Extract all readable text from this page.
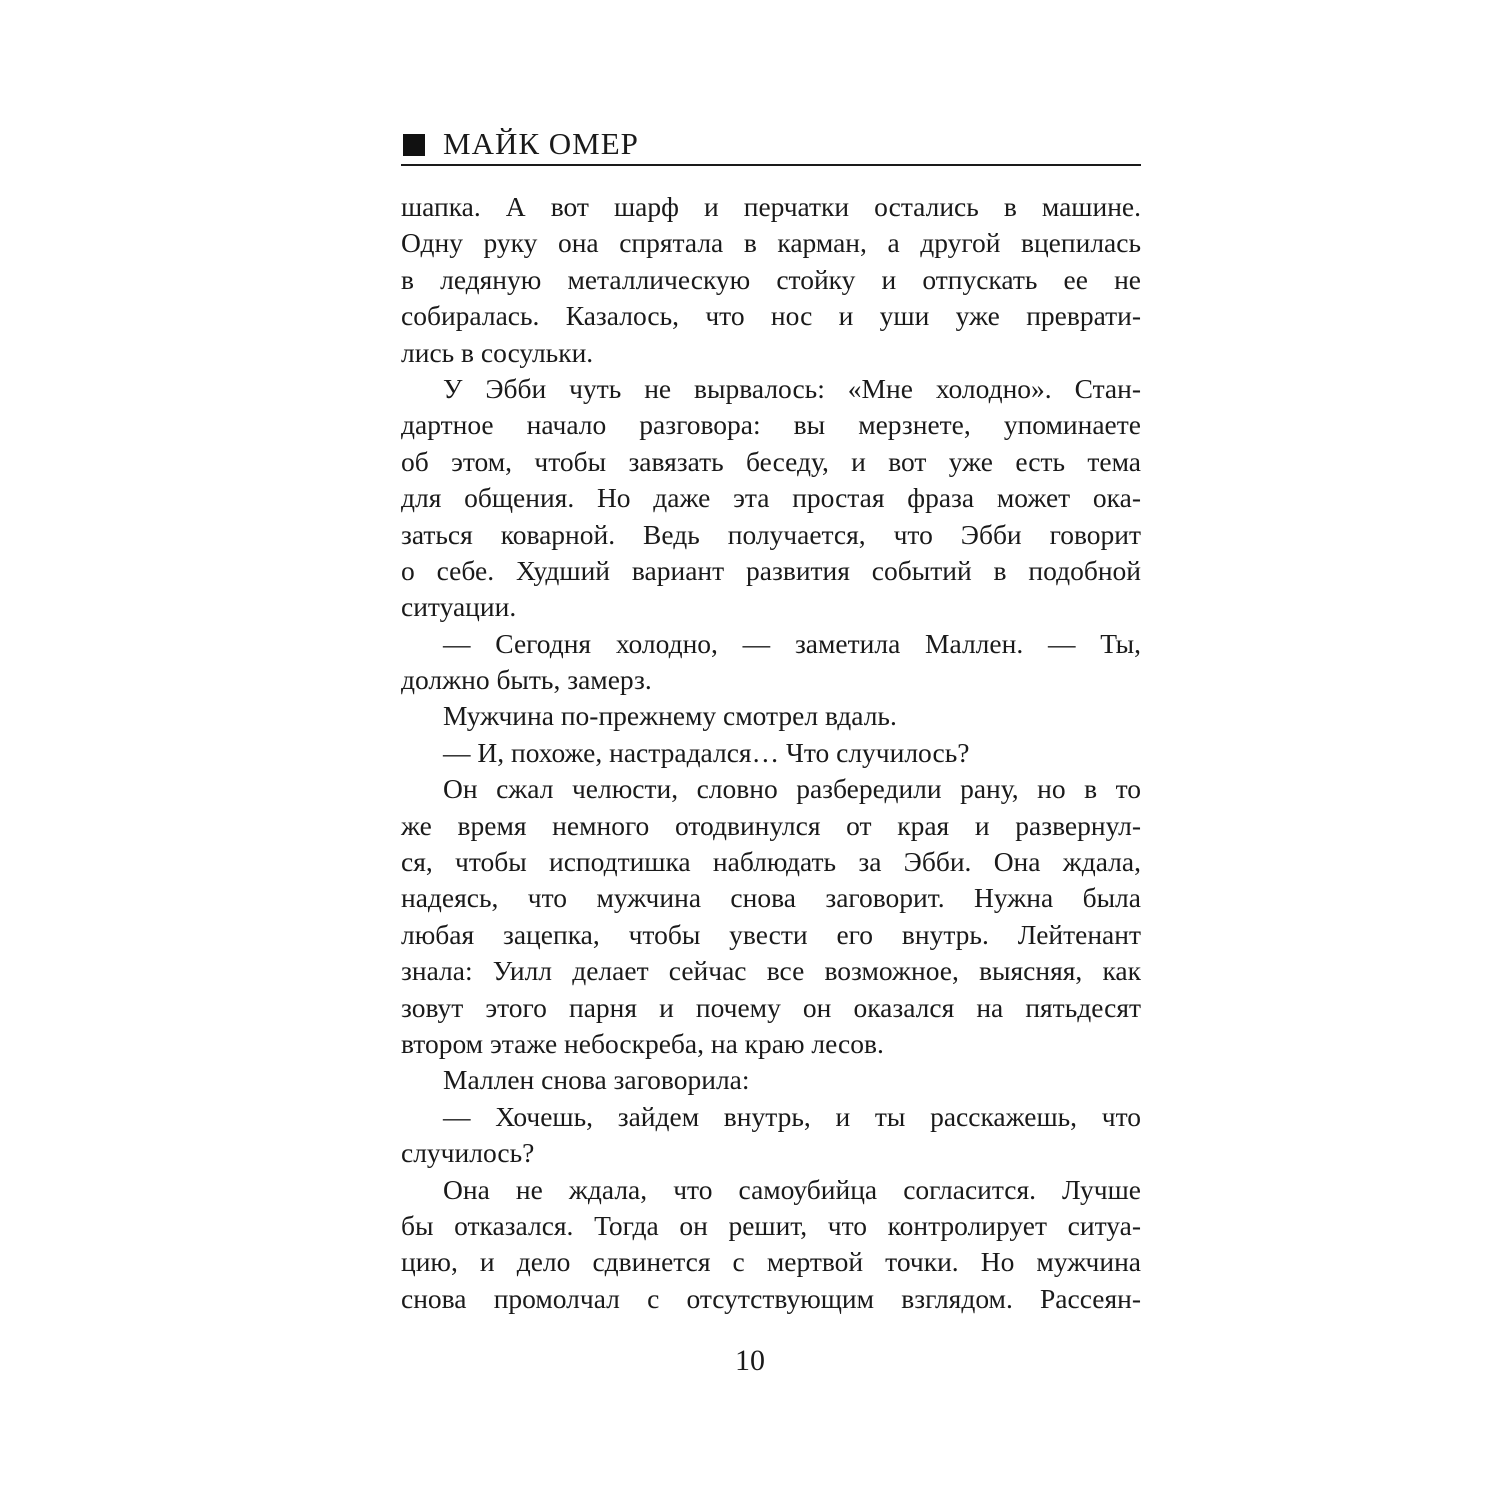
МАЙК ОМЕР
шапка. А вот шарф и перчатки остались в машине.
Одну руку она спрятала в карман, а другой вцепилась
в ледяную металлическую стойку и отпускать ее не
собиралась. Казалось, что нос и уши уже преврати-
лись в сосульки.
У Эбби чуть не вырвалось: «Мне холодно». Стан-
дартное начало разговора: вы мерзнете, упоминаете
об этом, чтобы завязать беседу, и вот уже есть тема
для общения. Но даже эта простая фраза может ока-
заться коварной. Ведь получается, что Эбби говорит
о себе. Худший вариант развития событий в подобной
ситуации.
— Сегодня холодно, — заметила Маллен. — Ты,
должно быть, замерз.
Мужчина по-прежнему смотрел вдаль.
— И, похоже, настрадался… Что случилось?
Он сжал челюсти, словно разбередили рану, но в то
же время немного отодвинулся от края и развернул-
ся, чтобы исподтишка наблюдать за Эбби. Она ждала,
надеясь, что мужчина снова заговорит. Нужна была
любая зацепка, чтобы увести его внутрь. Лейтенант
знала: Уилл делает сейчас все возможное, выясняя, как
зовут этого парня и почему он оказался на пятьдесят
втором этаже небоскреба, на краю лесов.
Маллен снова заговорила:
— Хочешь, зайдем внутрь, и ты расскажешь, что
случилось?
Она не ждала, что самоубийца согласится. Лучше
бы отказался. Тогда он решит, что контролирует ситуа-
цию, и дело сдвинется с мертвой точки. Но мужчина
снова промолчал с отсутствующим взглядом. Рассеян-
10
